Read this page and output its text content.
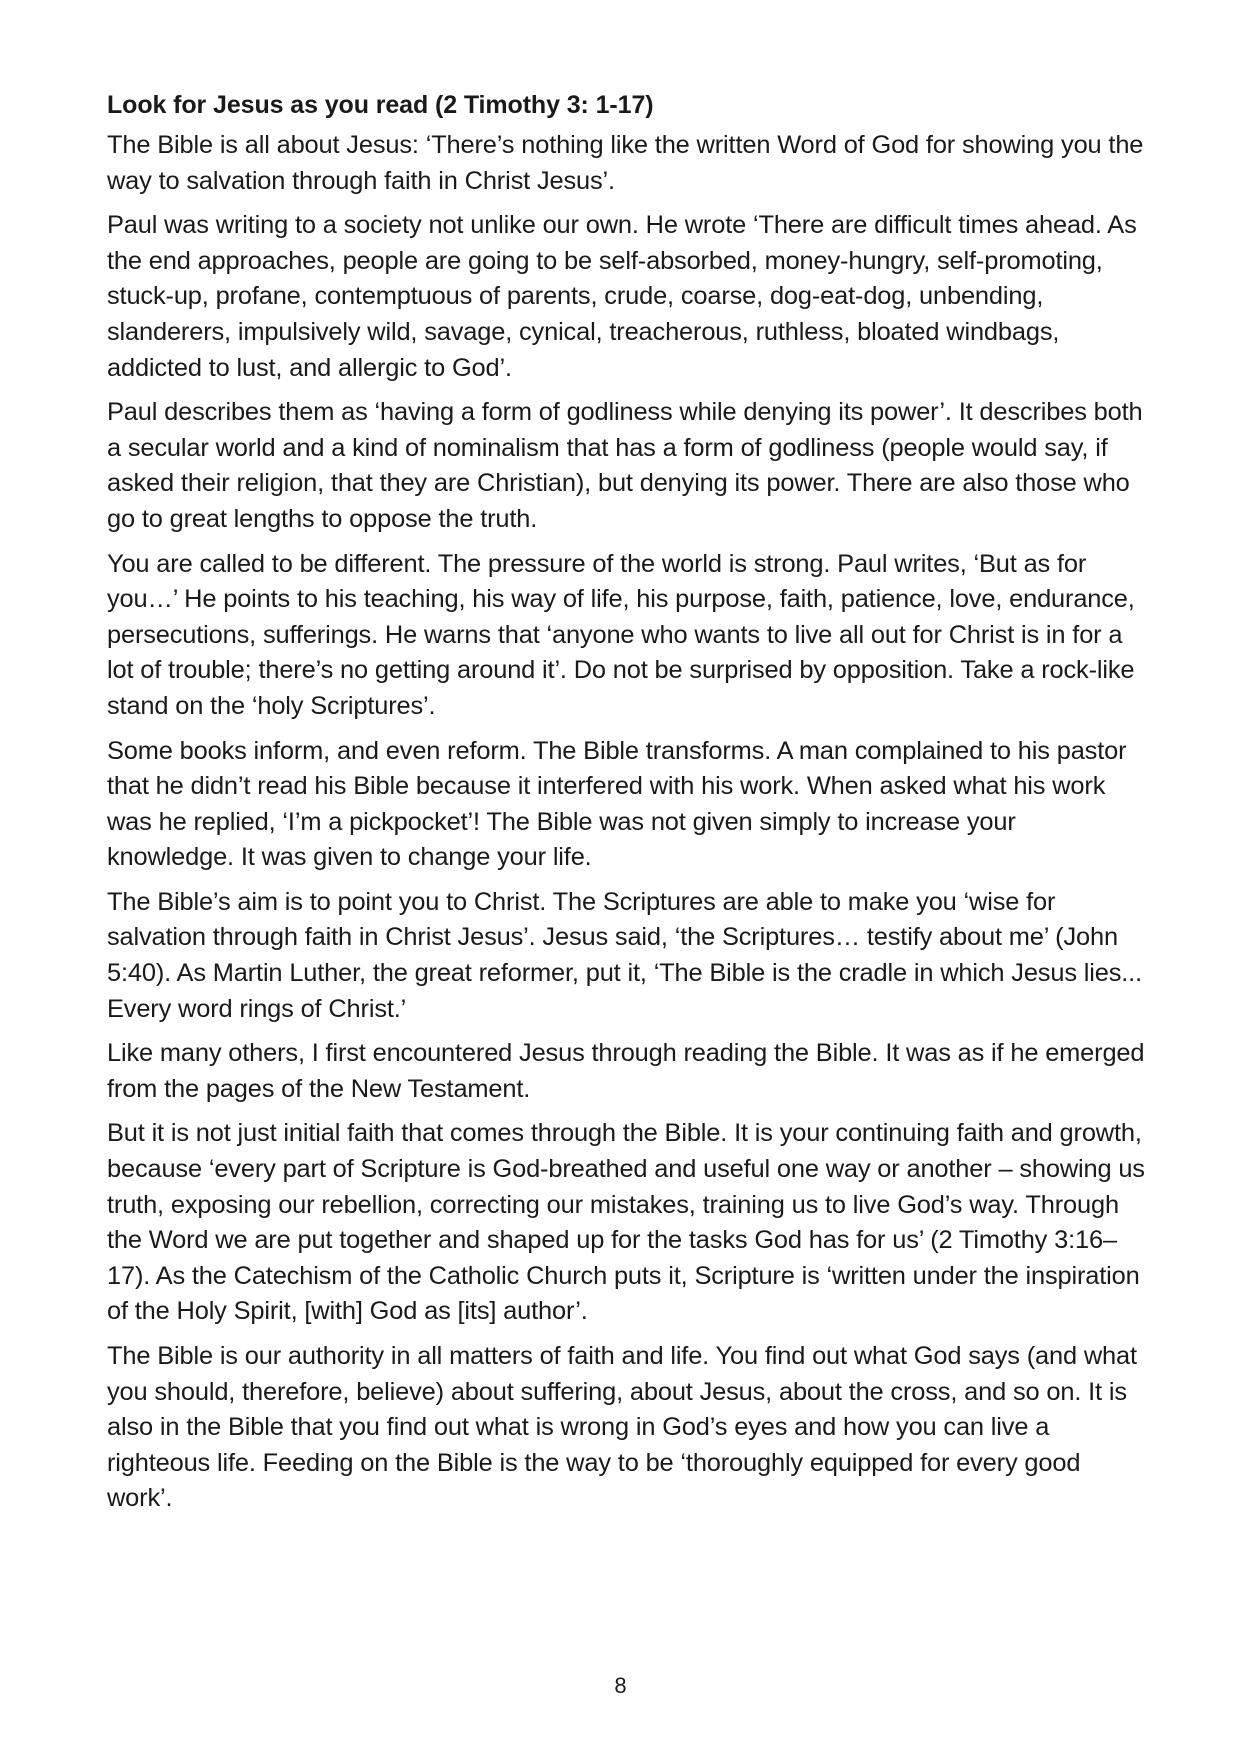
Look for Jesus as you read (2 Timothy 3: 1-17)

The Bible is all about Jesus: ‘There’s nothing like the written Word of God for showing you the way to salvation through faith in Christ Jesus’.

Paul was writing to a society not unlike our own. He wrote ‘There are difficult times ahead. As the end approaches, people are going to be self-absorbed, money-hungry, self-promoting, stuck-up, profane, contemptuous of parents, crude, coarse, dog-eat-dog, unbending, slanderers, impulsively wild, savage, cynical, treacherous, ruthless, bloated windbags, addicted to lust, and allergic to God’.

Paul describes them as ‘having a form of godliness while denying its power’. It describes both a secular world and a kind of nominalism that has a form of godliness (people would say, if asked their religion, that they are Christian), but denying its power. There are also those who go to great lengths to oppose the truth.

You are called to be different. The pressure of the world is strong. Paul writes, ‘But as for you…’ He points to his teaching, his way of life, his purpose, faith, patience, love, endurance, persecutions, sufferings. He warns that ‘anyone who wants to live all out for Christ is in for a lot of trouble; there’s no getting around it’. Do not be surprised by opposition. Take a rock-like stand on the ‘holy Scriptures’.

Some books inform, and even reform. The Bible transforms. A man complained to his pastor that he didn’t read his Bible because it interfered with his work. When asked what his work was he replied, ‘I’m a pickpocket’! The Bible was not given simply to increase your knowledge. It was given to change your life.

The Bible’s aim is to point you to Christ. The Scriptures are able to make you ‘wise for salvation through faith in Christ Jesus’. Jesus said, ‘the Scriptures… testify about me’ (John 5:40). As Martin Luther, the great reformer, put it, ‘The Bible is the cradle in which Jesus lies... Every word rings of Christ.’

Like many others, I first encountered Jesus through reading the Bible. It was as if he emerged from the pages of the New Testament.

But it is not just initial faith that comes through the Bible. It is your continuing faith and growth, because ‘every part of Scripture is God-breathed and useful one way or another – showing us truth, exposing our rebellion, correcting our mistakes, training us to live God’s way. Through the Word we are put together and shaped up for the tasks God has for us’ (2 Timothy 3:16–17). As the Catechism of the Catholic Church puts it, Scripture is ‘written under the inspiration of the Holy Spirit, [with] God as [its] author’.

The Bible is our authority in all matters of faith and life. You find out what God says (and what you should, therefore, believe) about suffering, about Jesus, about the cross, and so on. It is also in the Bible that you find out what is wrong in God’s eyes and how you can live a righteous life. Feeding on the Bible is the way to be ‘thoroughly equipped for every good work’.

8
